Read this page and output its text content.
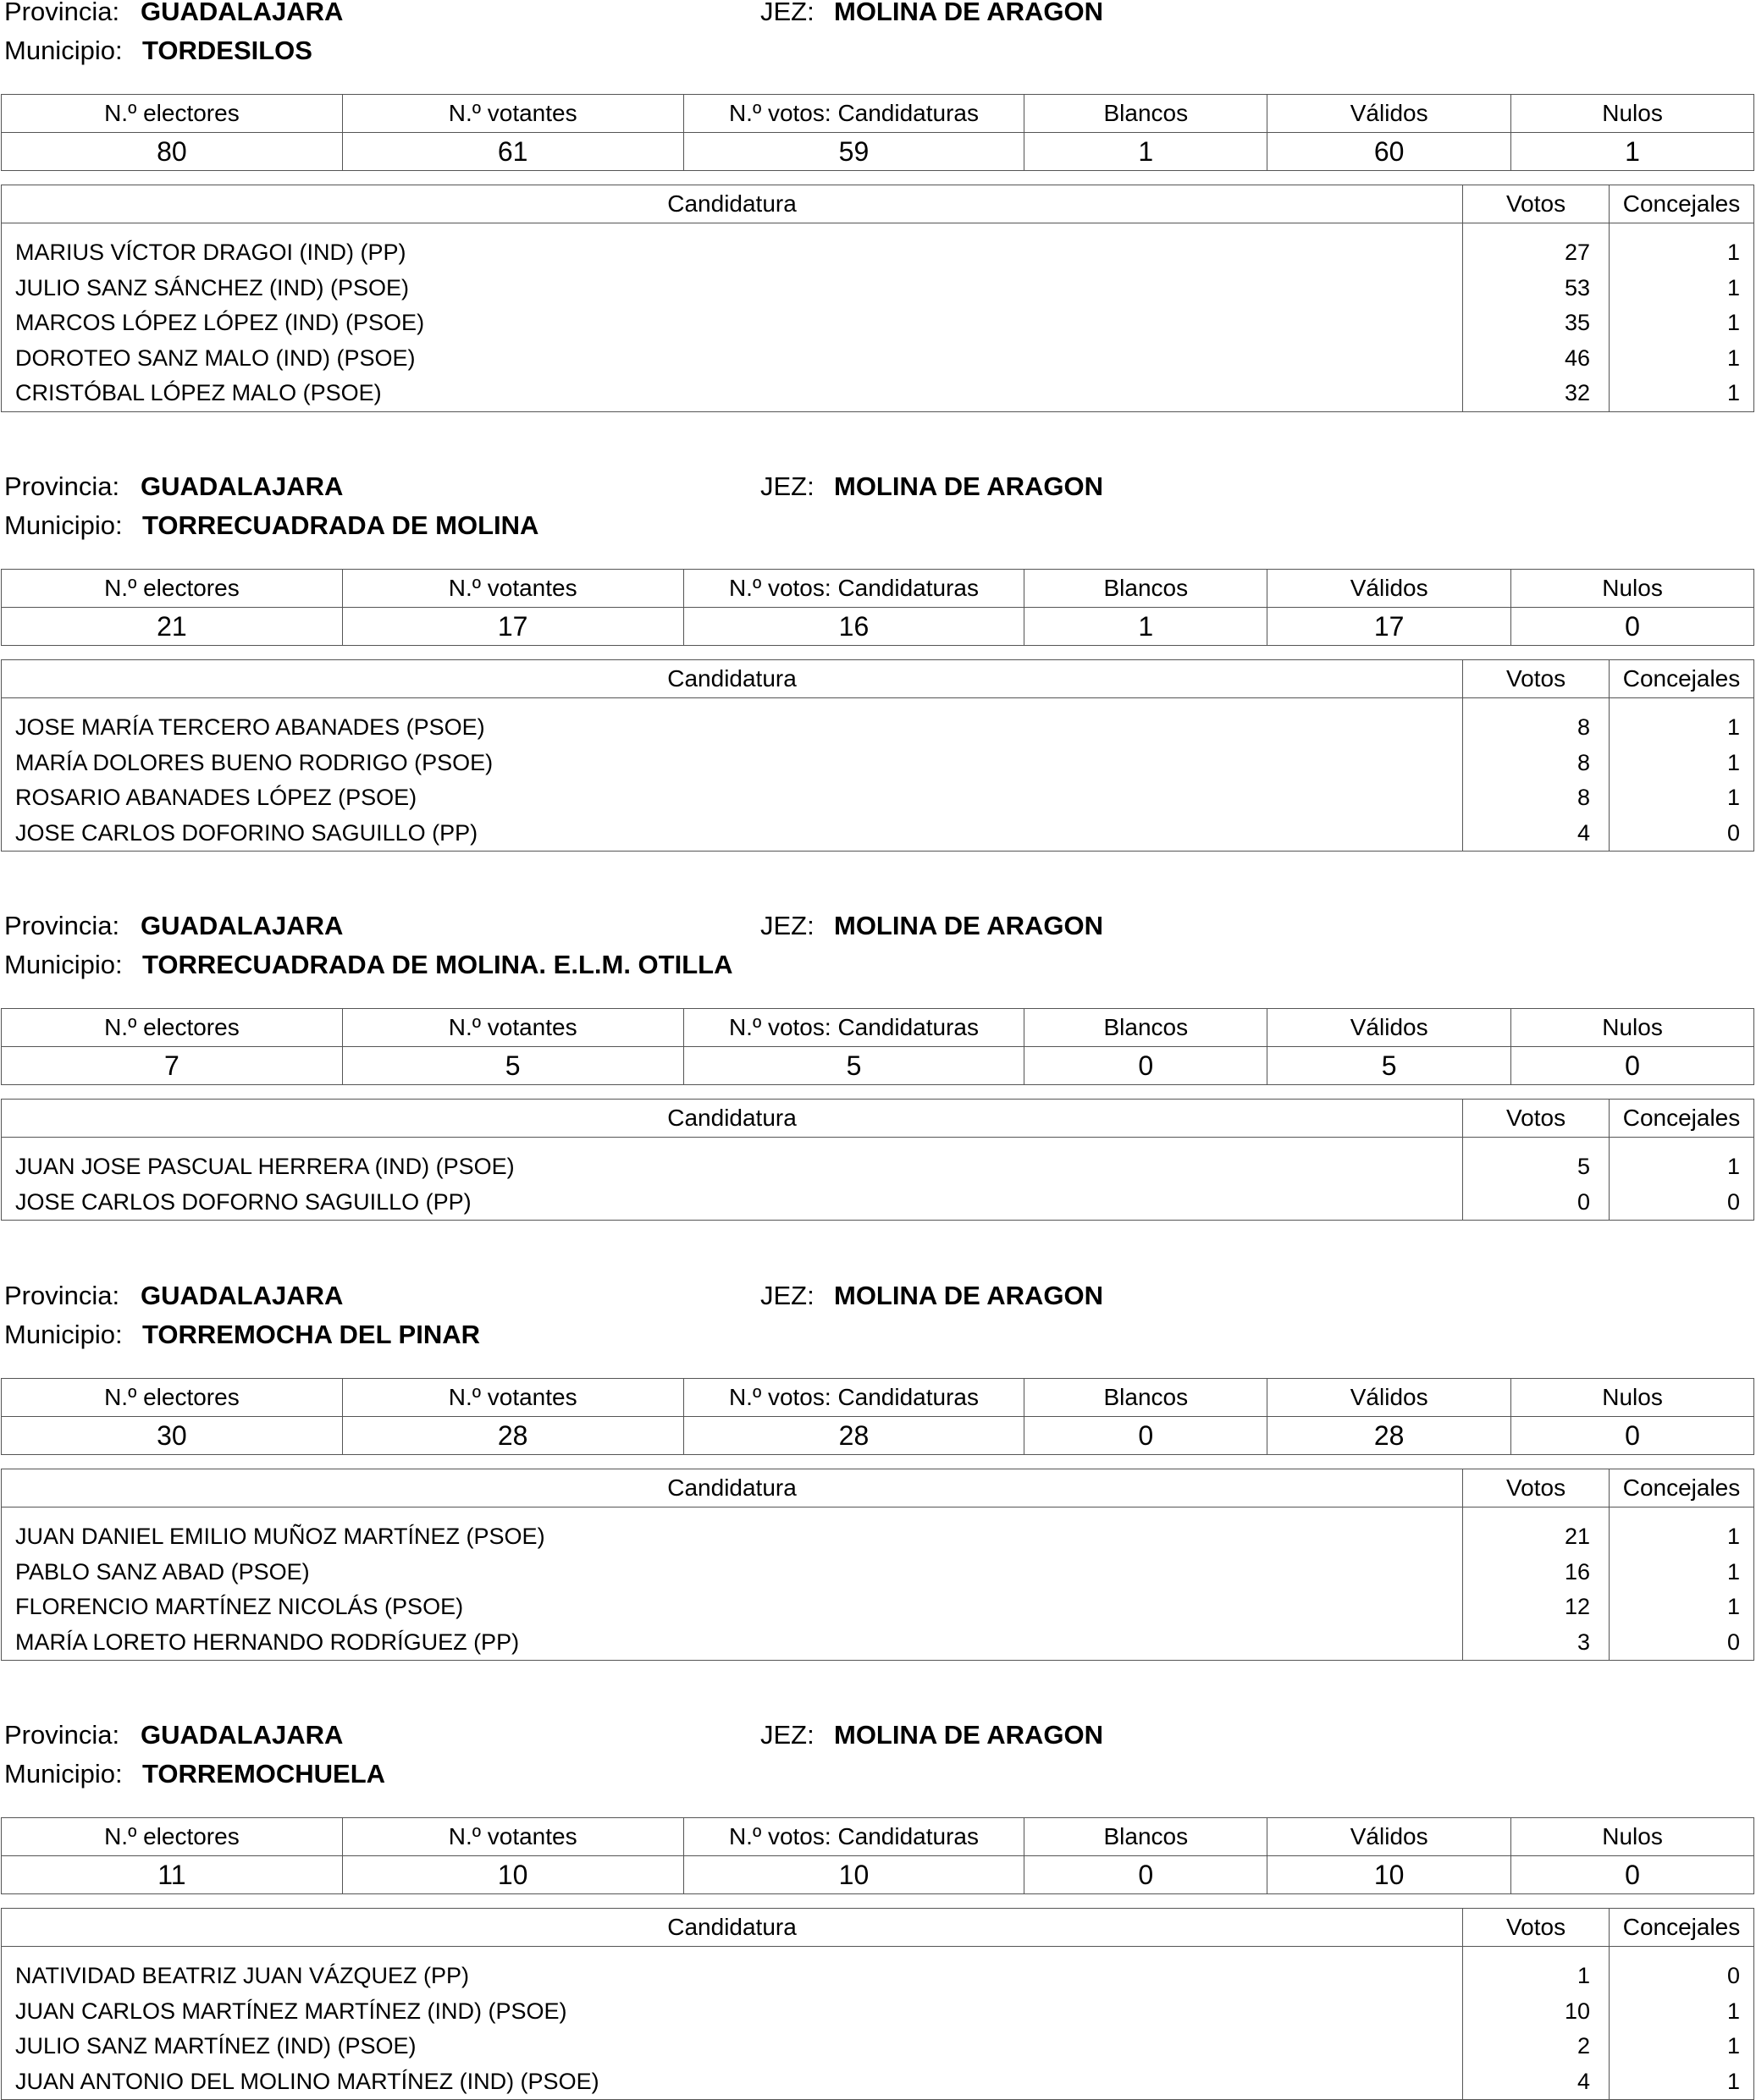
Provincia: GUADALAJARA	JEZ: MOLINA DE ARAGON
Municipio: TORDESILOS
N.º electores	N.º votantes	N.º votos: Candidaturas	Blancos	Válidos	Nulos
80	61	59	1	60	1
Candidatura	Votos	Concejales

MARIUS VÍCTOR DRAGOI (IND) (PP)	27	1
JULIO SANZ SÁNCHEZ (IND) (PSOE)	53	1
MARCOS LÓPEZ LÓPEZ (IND) (PSOE)	35	1
DOROTEO SANZ MALO (IND) (PSOE)	46	1
CRISTÓBAL LÓPEZ MALO (PSOE)	32	1
Provincia: GUADALAJARA	JEZ: MOLINA DE ARAGON
Municipio: TORRECUADRADA DE MOLINA
N.º electores	N.º votantes	N.º votos: Candidaturas	Blancos	Válidos	Nulos
21	17	16	1	17	0
Candidatura	Votos	Concejales

JOSE MARÍA TERCERO ABANADES (PSOE)	8	1
MARÍA DOLORES BUENO RODRIGO (PSOE)	8	1
ROSARIO ABANADES LÓPEZ (PSOE)	8	1
JOSE CARLOS DOFORINO SAGUILLO (PP)	4	0
Provincia: GUADALAJARA	JEZ: MOLINA DE ARAGON
Municipio: TORRECUADRADA DE MOLINA. E.L.M. OTILLA
N.º electores	N.º votantes	N.º votos: Candidaturas	Blancos	Válidos	Nulos
7	5	5	0	5	0
Candidatura	Votos	Concejales

JUAN JOSE PASCUAL HERRERA (IND) (PSOE)	5	1
JOSE CARLOS DOFORNO SAGUILLO (PP)	0	0
Provincia: GUADALAJARA	JEZ: MOLINA DE ARAGON
Municipio: TORREMOCHA DEL PINAR
N.º electores	N.º votantes	N.º votos: Candidaturas	Blancos	Válidos	Nulos
30	28	28	0	28	0
Candidatura	Votos	Concejales

JUAN DANIEL EMILIO MUÑOZ MARTÍNEZ (PSOE)	21	1
PABLO SANZ ABAD (PSOE)	16	1
FLORENCIO MARTÍNEZ NICOLÁS (PSOE)	12	1
MARÍA LORETO HERNANDO RODRÍGUEZ (PP)	3	0
Provincia: GUADALAJARA	JEZ: MOLINA DE ARAGON
Municipio: TORREMOCHUELA
N.º electores	N.º votantes	N.º votos: Candidaturas	Blancos	Válidos	Nulos
11	10	10	0	10	0
Candidatura	Votos	Concejales

NATIVIDAD BEATRIZ JUAN VÁZQUEZ (PP)	1	0
JUAN CARLOS MARTÍNEZ MARTÍNEZ (IND) (PSOE)	10	1
JULIO SANZ MARTÍNEZ (IND) (PSOE)	2	1
JUAN ANTONIO DEL MOLINO MARTÍNEZ (IND) (PSOE)	4	1
